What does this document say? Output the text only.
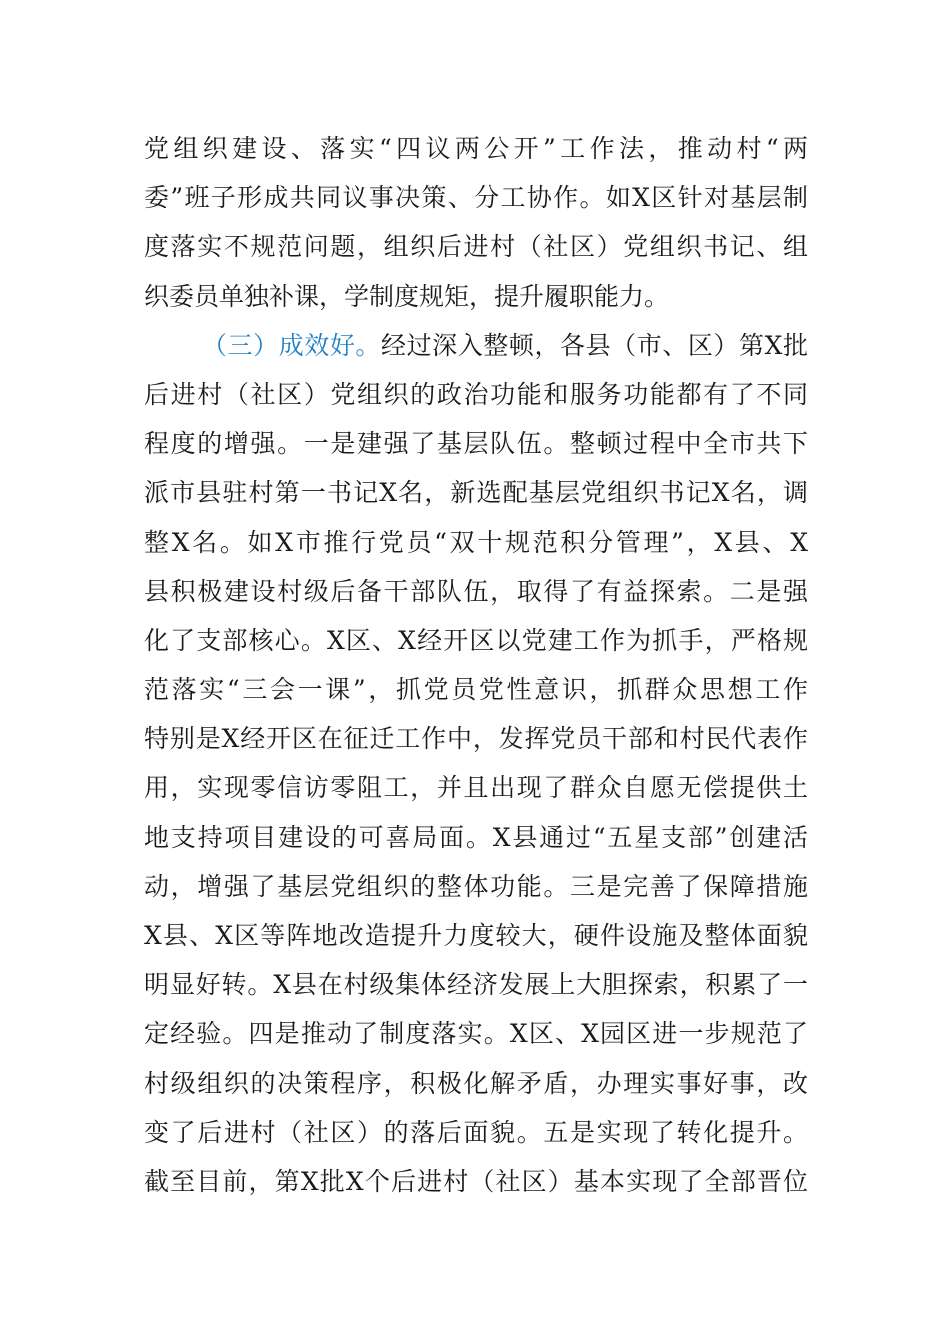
党组织建设、落实“四议两公开”工作法，推动村“两
委”班子形成共同议事决策、分工协作。如X区针对基层制
度落实不规范问题，组织后进村（社区）党组织书记、组
织委员单独补课，学制度规矩，提升履职能力。
（三）成效好。经过深入整顿，各县（市、区）第X批
后进村（社区）党组织的政治功能和服务功能都有了不同
程度的增强。一是建强了基层队伍。整顿过程中全市共下
派市县驻村第一书记X名，新选配基层党组织书记X名，调
整X名。如X市推行党员“双十规范积分管理”，X县、X
县积极建设村级后备干部队伍，取得了有益探索。二是强
化了支部核心。X区、X经开区以党建工作为抓手，严格规
范落实“三会一课”，抓党员党性意识，抓群众思想工作
特别是X经开区在征迁工作中，发挥党员干部和村民代表作
用，实现零信访零阻工，并且出现了群众自愿无偿提供土
地支持项目建设的可喜局面。X县通过“五星支部”创建活
动，增强了基层党组织的整体功能。三是完善了保障措施
X县、X区等阵地改造提升力度较大，硬件设施及整体面貌
明显好转。X县在村级集体经济发展上大胆探索，积累了一
定经验。四是推动了制度落实。X区、X园区进一步规范了
村级组织的决策程序，积极化解矛盾，办理实事好事，改
变了后进村（社区）的落后面貌。五是实现了转化提升。
截至目前，第X批X个后进村（社区）基本实现了全部晋位
